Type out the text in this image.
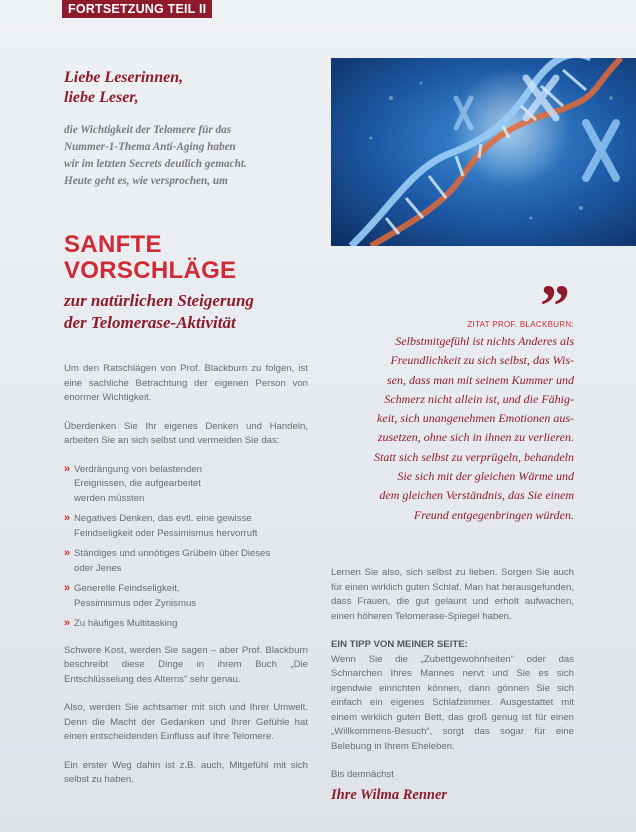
FORTSETZUNG TEIL II
Liebe Leserinnen,
liebe Leser,
die Wichtigkeit der Telomere für das
Nummer-1-Thema Anti-Aging haben
wir im letzten Secrets deutlich gemacht.
Heute geht es, wie versprochen, um
SANFTE
VORSCHLÄGE
zur natürlichen Steigerung
der Telomerase-Aktivität

Um den Ratschlägen von Prof. Blackburn zu folgen, ist eine sachliche Betrachtung der eigenen Person von enormer Wichtigkeit.

Überdenken Sie Ihr eigenes Denken und Handeln, arbeiten Sie an sich selbst und vermeiden Sie das:

» Verdrängung von belastenden
Ereignissen, die aufgearbeitet
werden müssten
» Negatives Denken, das evtl. eine gewisse
Feindseligkeit oder Pessimismus hervorruft
» Ständiges und unnötiges Grübeln über Dieses
oder Jenes
» Generelle Feindseligkeit,
Pessimismus oder Zynismus
» Zu häufiges Multitasking

Schwere Kost, werden Sie sagen – aber Prof. Blackburn beschreibt diese Dinge in ihrem Buch „Die Entschlüsselung des Alterns“ sehr genau.

Also, werden Sie achtsamer mit sich und Ihrer Umwelt. Denn die Macht der Gedanken und Ihrer Gefühle hat einen entscheidenden Einfluss auf Ihre Telomere.

Ein erster Weg dahin ist z.B. auch, Mitgefühl mit sich selbst zu haben.

”
ZITAT PROF. BLACKBURN:
Selbstmitgefühl ist nichts Anderes als
Freundlichkeit zu sich selbst, das Wis-
sen, dass man mit seinem Kummer und
Schmerz nicht allein ist, und die Fähig-
keit, sich unangenehmen Emotionen aus-
zusetzen, ohne sich in ihnen zu verlieren.
Statt sich selbst zu verprügeln, behandeln
Sie sich mit der gleichen Wärme und
dem gleichen Verständnis, das Sie einem
Freund entgegenbringen würden.

Lernen Sie also, sich selbst zu lieben. Sorgen Sie auch für einen wirklich guten Schlaf. Man hat herausgefunden, dass Frauen, die gut gelaunt und erholt aufwachen, einen höheren Telomerase-Spiegel haben.

EIN TIPP VON MEINER SEITE:
Wenn Sie die „Zubettgewohnheiten“ oder das Schnarchen Ihres Mannes nervt und Sie es sich irgendwie einrichten können, dann gönnen Sie sich einfach ein eigenes Schlafzimmer. Ausgestattet mit einem wirklich guten Bett, das groß genug ist für einen „Willkommens-Besuch“, sorgt das sogar für eine Belebung in Ihrem Eheleben.

Bis demnächst

Ihre Wilma Renner
